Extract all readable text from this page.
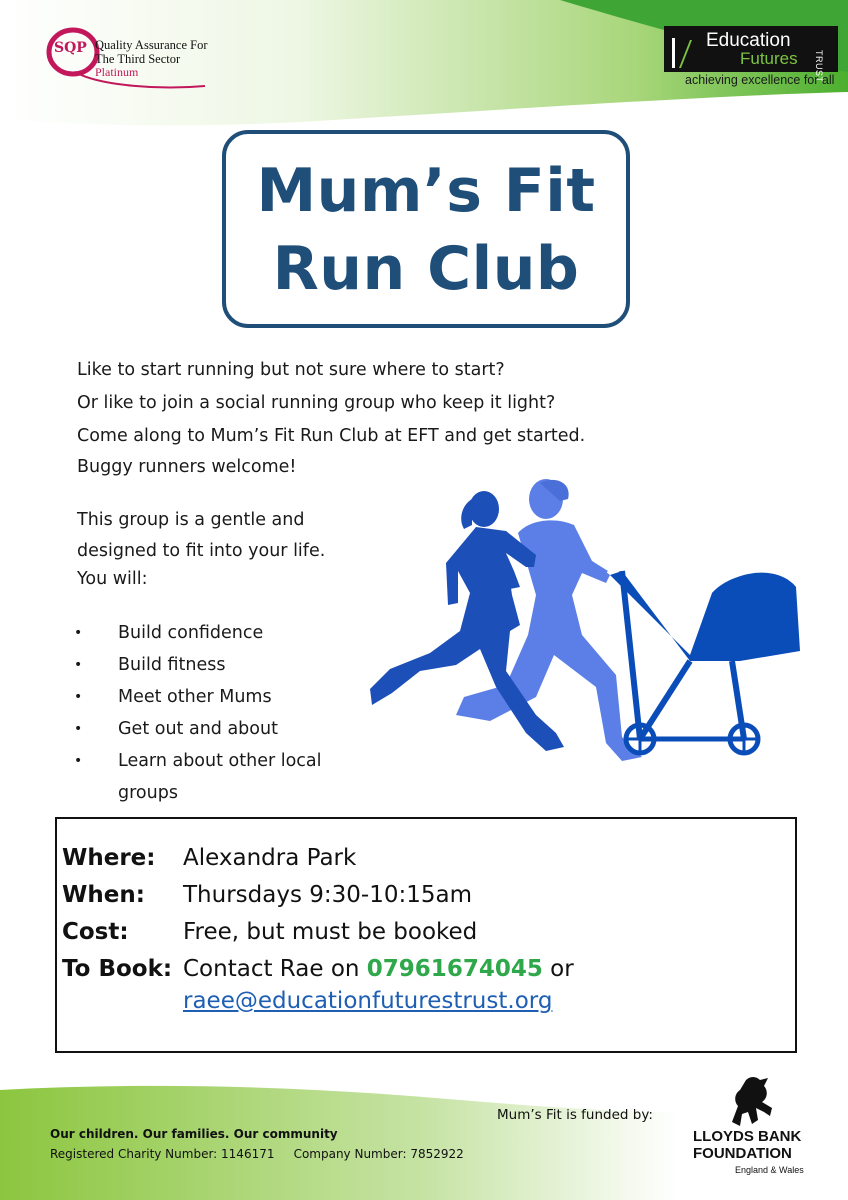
SQP Quality Assurance For
The Third Sector
Platinum
Education
Futures TRUST
achieving excellence for all
Mum’s Fit
Run Club
Like to start running but not sure where to start?
Or like to join a social running group who keep it light?
Come along to Mum’s Fit Run Club at EFT and get started.
Buggy runners welcome!
This group is a gentle and
designed to fit into your life.
You will:
• Build confidence
• Build fitness
• Meet other Mums
• Get out and about
• Learn about other local groups
Where: Alexandra Park
When: Thursdays 9:30-10:15am
Cost: Free, but must be booked
To Book: Contact Rae on 07961674045 or
raee@educationfuturestrust.org
Our children. Our families. Our community
Registered Charity Number: 1146171 Company Number: 7852922
Mum’s Fit is funded by:
LLOYDS BANK
FOUNDATION
England & Wales
